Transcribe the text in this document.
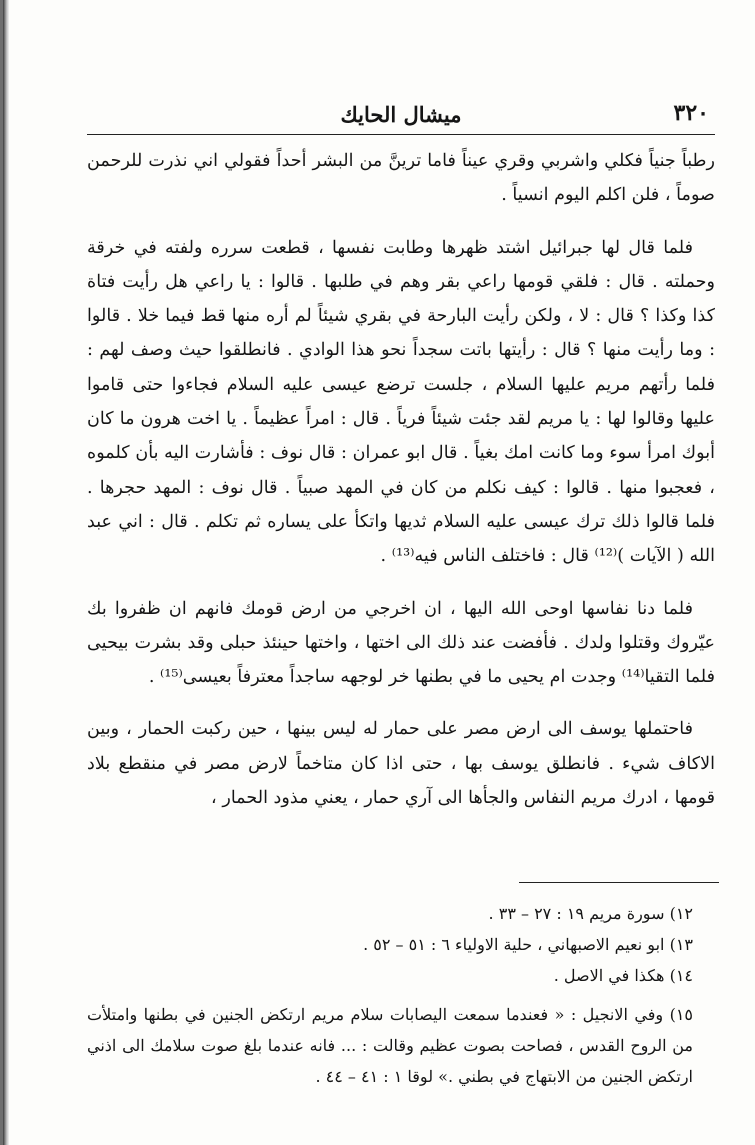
٣٢٠
ميشال الحايك

رطباً جنياً فكلي واشربي وقري عيناً فاما ترينَّ من البشر أحداً فقولي اني نذرت للرحمن صوماً ، فلن اكلم اليوم انسياً .

فلما قال لها جبرائيل اشتد ظهرها وطابت نفسها ، قطعت سرره ولفته في خرقة وحملته . قال : فلقي قومها راعي بقر وهم في طلبها . قالوا : يا راعي هل رأيت فتاة كذا وكذا ؟ قال : لا ، ولكن رأيت البارحة في بقري شيئاً لم أره منها قط فيما خلا . قالوا : وما رأيت منها ؟ قال : رأيتها باتت سجداً نحو هذا الوادي . فانطلقوا حيث وصف لهم : فلما رأتهم مريم عليها السلام ، جلست ترضع عيسى عليه السلام فجاءوا حتى قاموا عليها وقالوا لها : يا مريم لقد جئت شيئاً فرياً . قال : امراً عظيماً . يا اخت هرون ما كان أبوك امرأ سوء وما كانت امك بغياً . قال ابو عمران : قال نوف : فأشارت اليه بأن كلموه ، فعجبوا منها . قالوا : كيف نكلم من كان في المهد صبياً . قال نوف : المهد حجرها . فلما قالوا ذلك ترك عيسى عليه السلام ثديها واتكأ على يساره ثم تكلم . قال : اني عبد الله ( الآيات )⁽¹²⁾ قال : فاختلف الناس فيه⁽¹³⁾ .

فلما دنا نفاسها اوحى الله اليها ، ان اخرجي من ارض قومك فانهم ان ظفروا بك عيّروك وقتلوا ولدك . فأفضت عند ذلك الى اختها ، واختها حينئذ حبلى وقد بشرت بيحيى فلما التقيا⁽¹⁴⁾ وجدت ام يحيى ما في بطنها خر لوجهه ساجداً معترفاً بعيسى⁽¹⁵⁾ .

فاحتملها يوسف الى ارض مصر على حمار له ليس بينها ، حين ركبت الحمار ، وبين الاكاف شيء . فانطلق يوسف بها ، حتى اذا كان متاخماً لارض مصر في منقطع بلاد قومها ، ادرك مريم النفاس والجأها الى آري حمار ، يعني مذود الحمار ،

١٢) سورة مريم ١٩ : ٢٧ – ٣٣ .

١٣) ابو نعيم الاصبهاني ، حلية الاولياء ٦ : ٥١ – ٥٢ .

١٤) هكذا في الاصل .

١٥) وفي الانجيل : « فعندما سمعت اليصابات سلام مريم ارتكض الجنين في بطنها وامتلأت من الروح القدس ، فصاحت بصوت عظيم وقالت : ... فانه عندما بلغ صوت سلامك الى اذني ارتكض الجنين من الابتهاج في بطني .» لوقا ١ : ٤١ – ٤٤ .
